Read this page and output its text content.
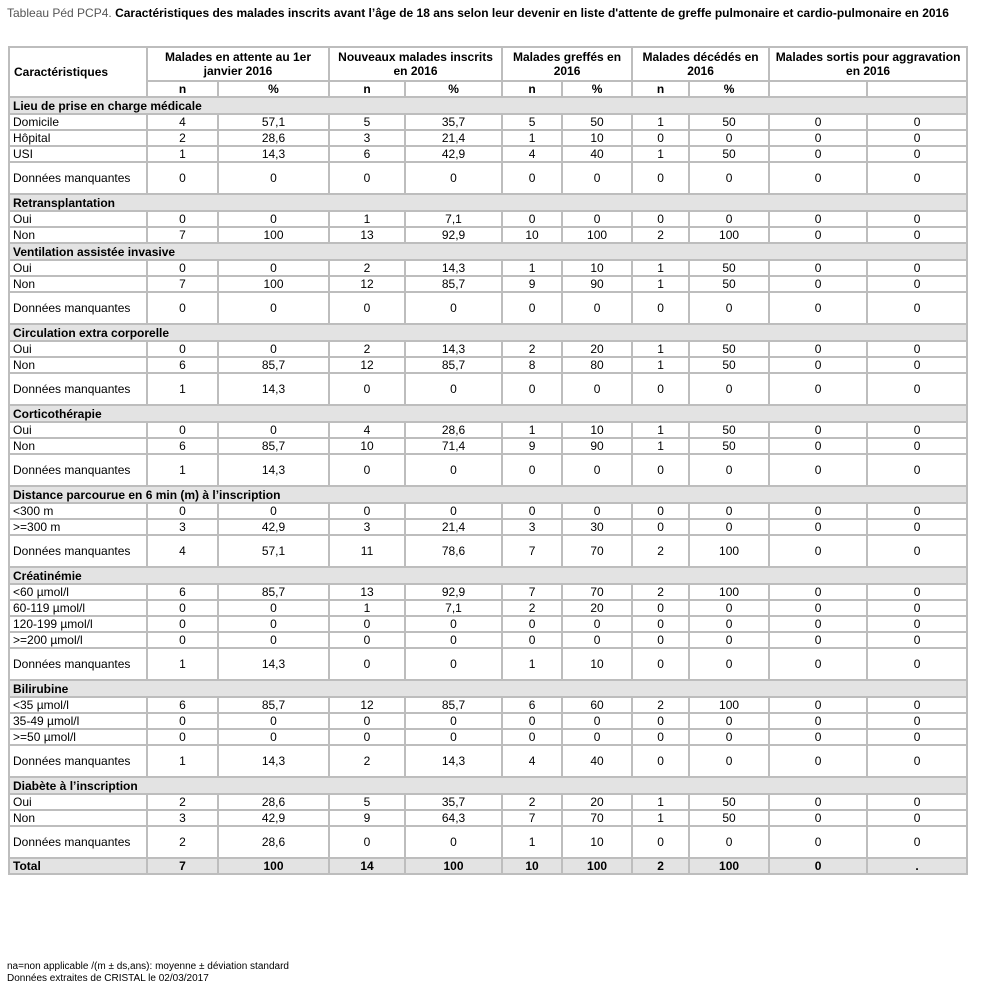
Tableau Péd PCP4. Caractéristiques des malades inscrits avant l’âge de 18 ans selon leur devenir en liste d'attente de greffe pulmonaire et cardio-pulmonaire en 2016
Caractéristiques	Malades en attente au 1er janvier 2016		Nouveaux malades inscrits en 2016		Malades greffés en 2016		Malades décédés en 2016		Malades sortis pour aggravation en 2016	
	n	%	n	%	n	%	n	%		
Lieu de prise en charge médicale										
Domicile	4	57,1	5	35,7	5	50	1	50	0	0
Hôpital	2	28,6	3	21,4	1	10	0	0	0	0
USI	1	14,3	6	42,9	4	40	1	50	0	0
Données manquantes	0	0	0	0	0	0	0	0	0	0
Retransplantation										
Oui	0	0	1	7,1	0	0	0	0	0	0
Non	7	100	13	92,9	10	100	2	100	0	0
Ventilation assistée invasive										
Oui	0	0	2	14,3	1	10	1	50	0	0
Non	7	100	12	85,7	9	90	1	50	0	0
Données manquantes	0	0	0	0	0	0	0	0	0	0
Circulation extra corporelle										
Oui	0	0	2	14,3	2	20	1	50	0	0
Non	6	85,7	12	85,7	8	80	1	50	0	0
Données manquantes	1	14,3	0	0	0	0	0	0	0	0
Corticothérapie										
Oui	0	0	4	28,6	1	10	1	50	0	0
Non	6	85,7	10	71,4	9	90	1	50	0	0
Données manquantes	1	14,3	0	0	0	0	0	0	0	0
Distance parcourue en 6 min (m) à l’inscription										
<300 m	0	0	0	0	0	0	0	0	0	0
>=300 m	3	42,9	3	21,4	3	30	0	0	0	0
Données manquantes	4	57,1	11	78,6	7	70	2	100	0	0
Créatinémie										
<60 µmol/l	6	85,7	13	92,9	7	70	2	100	0	0
60-119 µmol/l	0	0	1	7,1	2	20	0	0	0	0
120-199 µmol/l	0	0	0	0	0	0	0	0	0	0
>=200 µmol/l	0	0	0	0	0	0	0	0	0	0
Données manquantes	1	14,3	0	0	1	10	0	0	0	0
Bilirubine										
<35 µmol/l	6	85,7	12	85,7	6	60	2	100	0	0
35-49 µmol/l	0	0	0	0	0	0	0	0	0	0
>=50 µmol/l	0	0	0	0	0	0	0	0	0	0
Données manquantes	1	14,3	2	14,3	4	40	0	0	0	0
Diabète à l’inscription										
Oui	2	28,6	5	35,7	2	20	1	50	0	0
Non	3	42,9	9	64,3	7	70	1	50	0	0
Données manquantes	2	28,6	0	0	1	10	0	0	0	0
Total	7	100	14	100	10	100	2	100	0	.
na=non applicable /(m ± ds,ans): moyenne ± déviation standard
Données extraites de CRISTAL le 02/03/2017
